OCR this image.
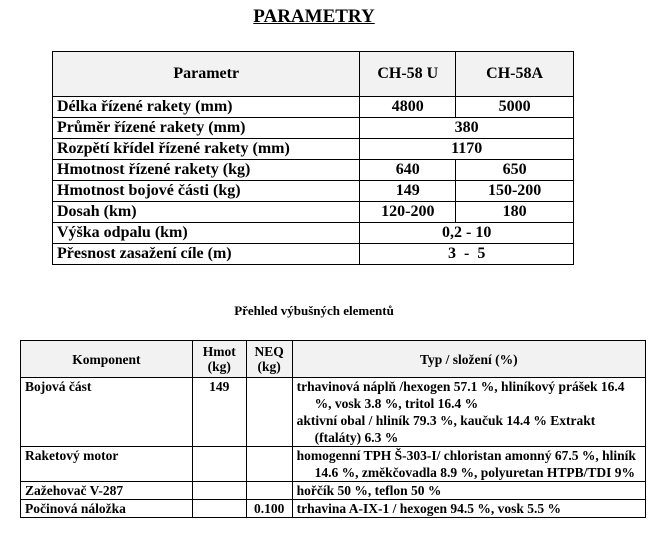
PARAMETRY
Parametr	CH-58 U	CH-58A
Délka řízené rakety (mm)	4800	5000
Průměr řízené rakety (mm)	380	
Rozpětí křídel řízené rakety (mm)	1170	
Hmotnost řízené rakety (kg)	640	650
Hmotnost bojové části (kg)	149	150-200
Dosah (km)	120-200	180
Výška odpalu (km)	0,2 - 10	
Přesnost zasažení cíle (m)	3  -  5	
Přehled výbušných elementů
Komponent	Hmot (kg)	NEQ (kg)	Typ / složení (%)
Bojová část	149		trhavinová náplň /hexogen 57.1 %, hliníkový prášek 16.4 %, vosk 3.8 %, tritol 16.4 %
aktivní obal / hliník 79.3 %, kaučuk 14.4 % Extrakt (ftaláty) 6.3 %

Raketový motor			homogenní TPH Š-303-I/ chloristan amonný 67.5 %, hliník 14.6 %, změkčovadla 8.9 %, polyuretan HTPB/TDI 9%

Zažehovač V-287			hořčík 50 %, teflon 50 %

Počinová náložka		0.100	trhavina A-IX-1 / hexogen 94.5 %, vosk 5.5 %
